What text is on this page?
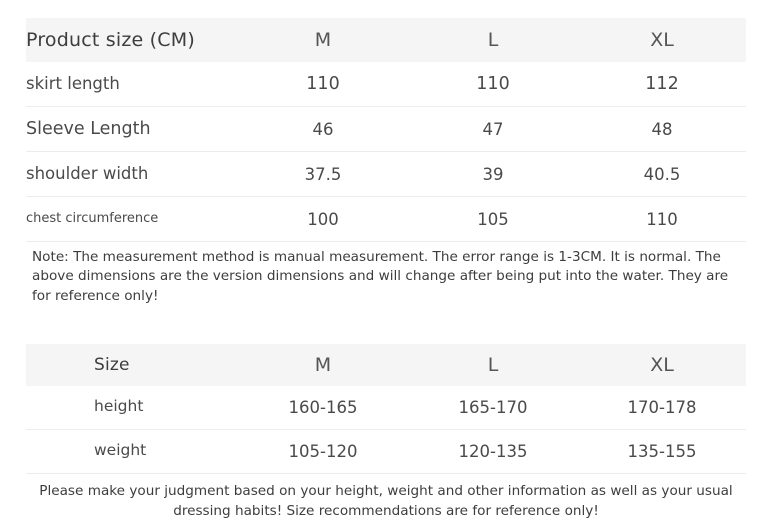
Product size (CM)	M	L	XL
skirt length	110	110	112
Sleeve Length	46	47	48
shoulder width	37.5	39	40.5
chest circumference	100	105	110
Note: The measurement method is manual measurement. The error range is 1-3CM. It is normal. The above dimensions are the version dimensions and will change after being put into the water. They are for reference only!
Size	M	L	XL
height	160-165	165-170	170-178
weight	105-120	120-135	135-155
Please make your judgment based on your height, weight and other information as well as your usual dressing habits! Size recommendations are for reference only!
